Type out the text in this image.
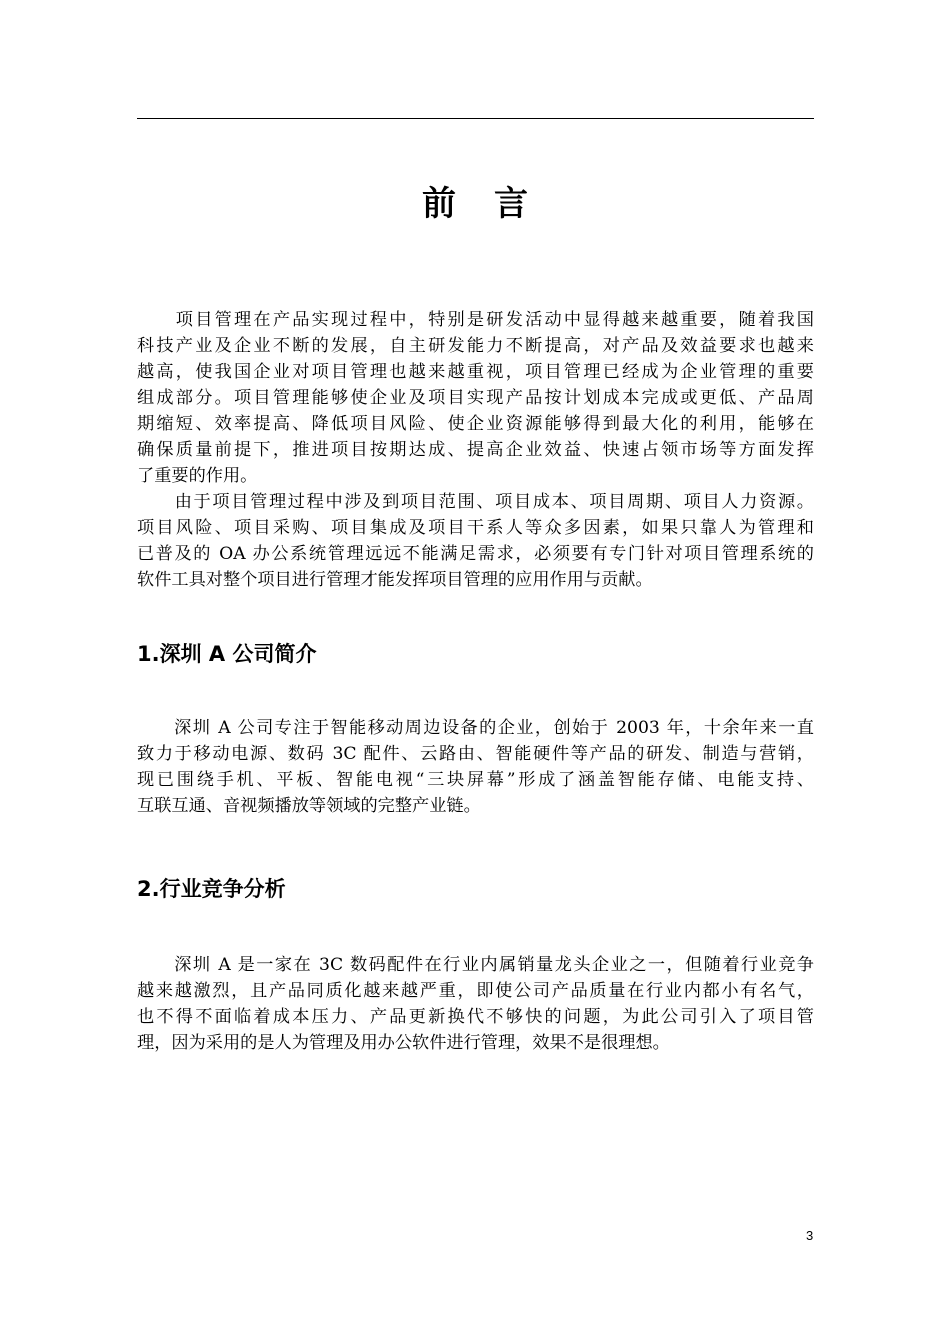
前 言
　　项目管理在产品实现过程中，特别是研发活动中显得越来越重要，随着我国
科技产业及企业不断的发展，自主研发能力不断提高，对产品及效益要求也越来
越高，使我国企业对项目管理也越来越重视，项目管理已经成为企业管理的重要
组成部分。项目管理能够使企业及项目实现产品按计划成本完成或更低、产品周
期缩短、效率提高、降低项目风险、使企业资源能够得到最大化的利用，能够在
确保质量前提下，推进项目按期达成、提高企业效益、快速占领市场等方面发挥
了重要的作用。
　　由于项目管理过程中涉及到项目范围、项目成本、项目周期、项目人力资源。
项目风险、项目采购、项目集成及项目干系人等众多因素，如果只靠人为管理和
已普及的 OA 办公系统管理远远不能满足需求，必须要有专门针对项目管理系统的
软件工具对整个项目进行管理才能发挥项目管理的应用作用与贡献。
1.深圳 A 公司简介
　　深圳 A 公司专注于智能移动周边设备的企业，创始于 2003 年，十余年来一直
致力于移动电源、数码 3C 配件、云路由、智能硬件等产品的研发、制造与营销，
现已围绕手机、平板、智能电视“三块屏幕”形成了涵盖智能存储、电能支持、
互联互通、音视频播放等领域的完整产业链。
2.行业竞争分析
　　深圳 A 是一家在 3C 数码配件在行业内属销量龙头企业之一，但随着行业竞争
越来越激烈，且产品同质化越来越严重，即使公司产品质量在行业内都小有名气，
也不得不面临着成本压力、产品更新换代不够快的问题，为此公司引入了项目管
理，因为采用的是人为管理及用办公软件进行管理，效果不是很理想。
3
